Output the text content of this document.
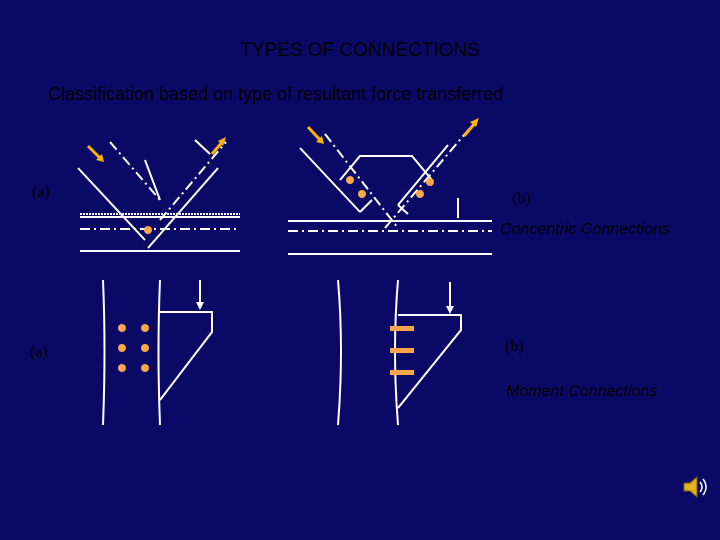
TYPES OF CONNECTIONS
Classification based on type of resultant force transferred
(a)	(b)
Concentric Connections
(a)	(b)
Moment Connections
